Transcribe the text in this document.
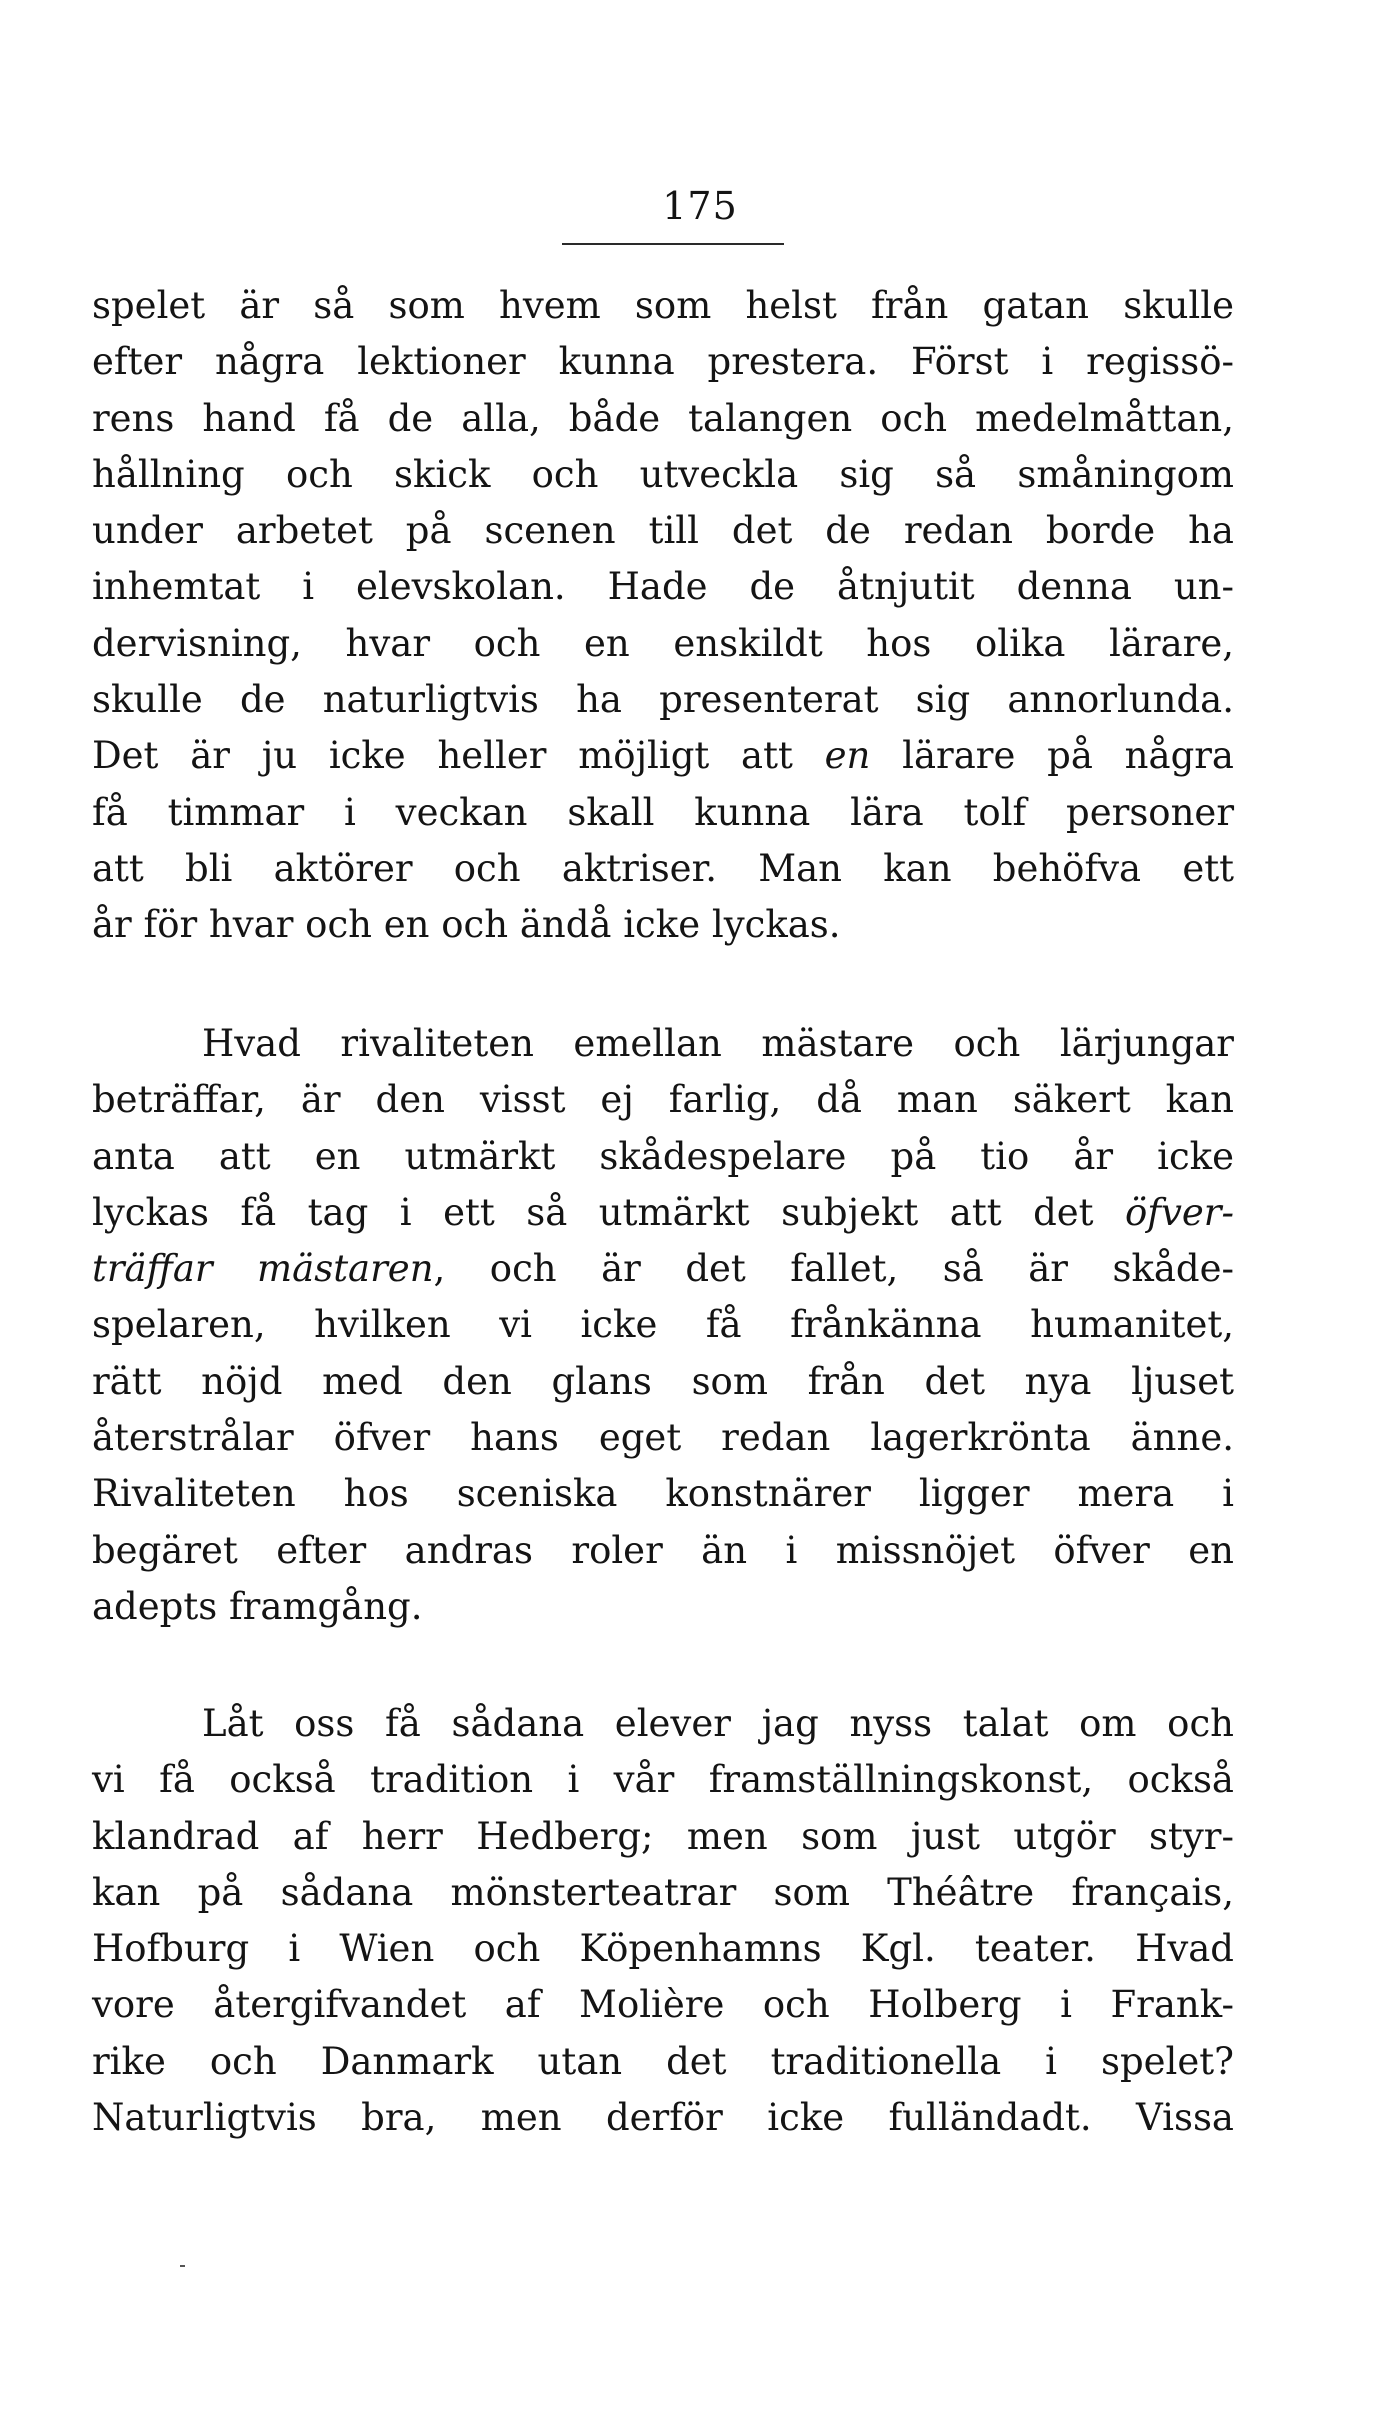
175
spelet är så som hvem som helst från gatan skulle
efter några lektioner kunna prestera. Först i regissö-
rens hand få de alla, både talangen och medelmåttan,
hållning och skick och utveckla sig så småningom
under arbetet på scenen till det de redan borde ha
inhemtat i elevskolan. Hade de åtnjutit denna un-
dervisning, hvar och en enskildt hos olika lärare,
skulle de naturligtvis ha presenterat sig annorlunda.
Det är ju icke heller möjligt att en lärare på några
få timmar i veckan skall kunna lära tolf personer
att bli aktörer och aktriser. Man kan behöfva ett
år för hvar och en och ändå icke lyckas.
Hvad rivaliteten emellan mästare och lärjungar
beträffar, är den visst ej farlig, då man säkert kan
anta att en utmärkt skådespelare på tio år icke
lyckas få tag i ett så utmärkt subjekt att det öfver-
träffar mästaren, och är det fallet, så är skåde-
spelaren, hvilken vi icke få frånkänna humanitet,
rätt nöjd med den glans som från det nya ljuset
återstrålar öfver hans eget redan lagerkrönta änne.
Rivaliteten hos sceniska konstnärer ligger mera i
begäret efter andras roler än i missnöjet öfver en
adepts framgång.
Låt oss få sådana elever jag nyss talat om och
vi få också tradition i vår framställningskonst, också
klandrad af herr Hedberg; men som just utgör styr-
kan på sådana mönsterteatrar som Théâtre français,
Hofburg i Wien och Köpenhamns Kgl. teater. Hvad
vore återgifvandet af Molière och Holberg i Frank-
rike och Danmark utan det traditionella i spelet?
Naturligtvis bra, men derför icke fulländadt. Vissa
